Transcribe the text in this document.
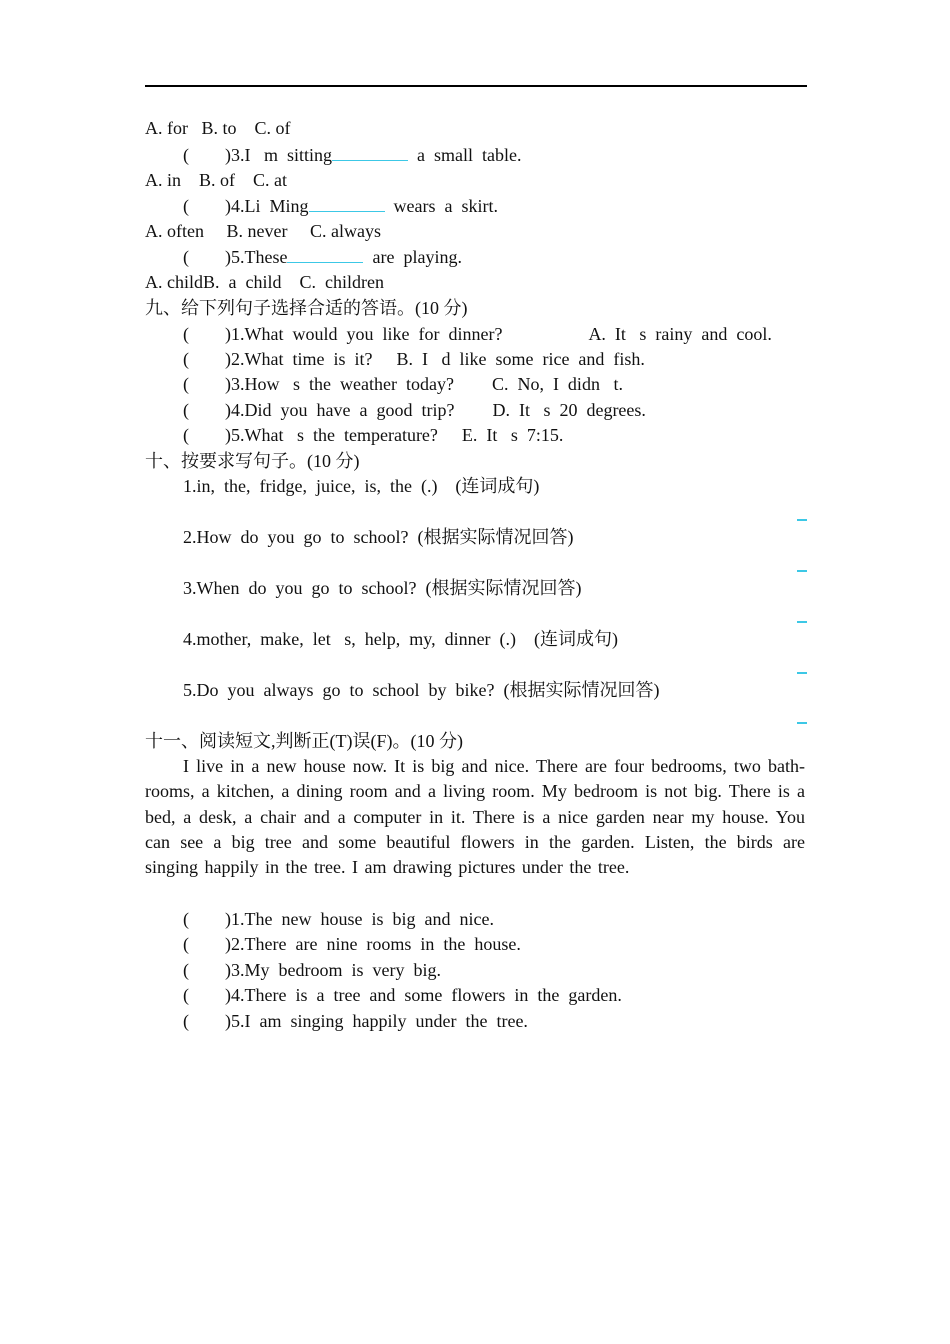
A. for   B. to    C. of
(        )3.I   m  sitting	a  small  table.
A. in    B. of    C. at
(        )4.Li  Ming	wears  a  skirt.
A. often     B. never     C. always
(        )5.These	are  playing.
A. childB.  a  child    C.  children
九、给下列句子选择合适的答语。(10 分)
(        )1.What  would  you  like  for  dinner?	A.  It   s  rainy  and  cool.
(        )2.What  time  is  it? B.  I   d  like  some  rice  and  fish.
(        )3.How   s  the  weather  today? C.  No,  I  didn   t.
(        )4.Did  you  have  a  good  trip? D.  It   s  20  degrees.
(        )5.What   s  the  temperature? E.  It   s  7:15.
十、按要求写句子。(10 分)
1.in,  the,  fridge,  juice,  is,  the  (.)    (连词成句)
2.How  do  you  go  to  school?  (根据实际情况回答)
3.When  do  you  go  to  school?  (根据实际情况回答)
4.mother,  make,  let   s,  help,  my,  dinner  (.)    (连词成句)
5.Do  you  always  go  to  school  by  bike?  (根据实际情况回答)
十一、阅读短文,判断正(T)误(F)。(10 分)
I live in a new house now. It is big and nice. There are four bedrooms, two bath-rooms, a kitchen, a dining room and a living room. My bedroom is not big. There is a bed, a desk, a chair and a computer in it. There is a nice garden near my house. You can see a big tree and some beautiful flowers in the garden. Listen, the birds are singing happily in the tree. I am drawing pictures under the tree.
(        )1.The  new  house  is  big  and  nice.
(        )2.There  are  nine  rooms  in  the  house.
(        )3.My  bedroom  is  very  big.
(        )4.There  is  a  tree  and  some  flowers  in  the  garden.
(        )5.I  am  singing  happily  under  the  tree.
